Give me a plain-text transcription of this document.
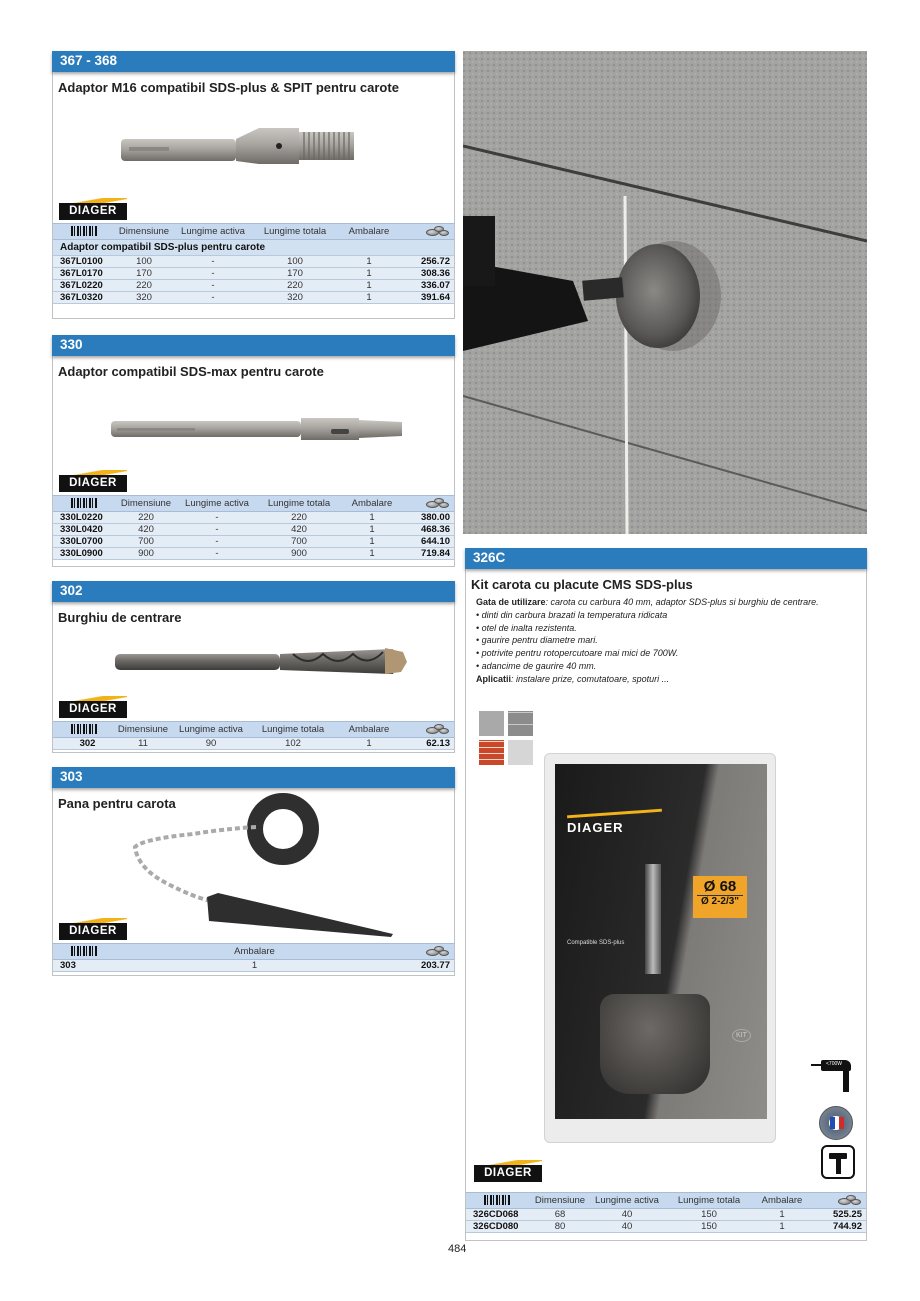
367 - 368
Adaptor M16 compatibil SDS-plus & SPIT pentru carote
DIAGER
	Dimensiune	Lungime activa	Lungime totala	Ambalare	

Adaptor compatibil SDS-plus pentru carote					
367L0100	100	-	100	1	256.72
367L0170	170	-	170	1	308.36
367L0220	220	-	220	1	336.07
367L0320	320	-	320	1	391.64
330
Adaptor compatibil SDS-max pentru carote
DIAGER
	Dimensiune	Lungime activa	Lungime totala	Ambalare	

330L0220	220	-	220	1	380.00
330L0420	420	-	420	1	468.36
330L0700	700	-	700	1	644.10
330L0900	900	-	900	1	719.84
302
Burghiu de centrare
DIAGER
	Dimensiune	Lungime activa	Lungime totala	Ambalare	

302	11	90	102	1	62.13
303
Pana pentru carota
DIAGER
	Ambalare	

303	1	203.77
326C
Kit carota cu placute CMS SDS-plus
Gata de utilizare: carota cu carbura 40 mm, adaptor SDS-plus si burghiu de centrare.
• dinti din carbura brazati la temperatura ridicata
• otel de inalta rezistenta.
• gaurire pentru diametre mari.
• potrivite pentru rotopercutoare mai mici de 700W.
• adancime de gaurire 40 mm.
Aplicatii: instalare prize, comutatoare, spoturi ...
DIAGER
Ø 68
Ø 2-2/3"
Compatible SDS-plus
KIT
<700W
DIAGER
	Dimensiune	Lungime activa	Lungime totala	Ambalare	

326CD068	68	40	150	1	525.25
326CD080	80	40	150	1	744.92
484
